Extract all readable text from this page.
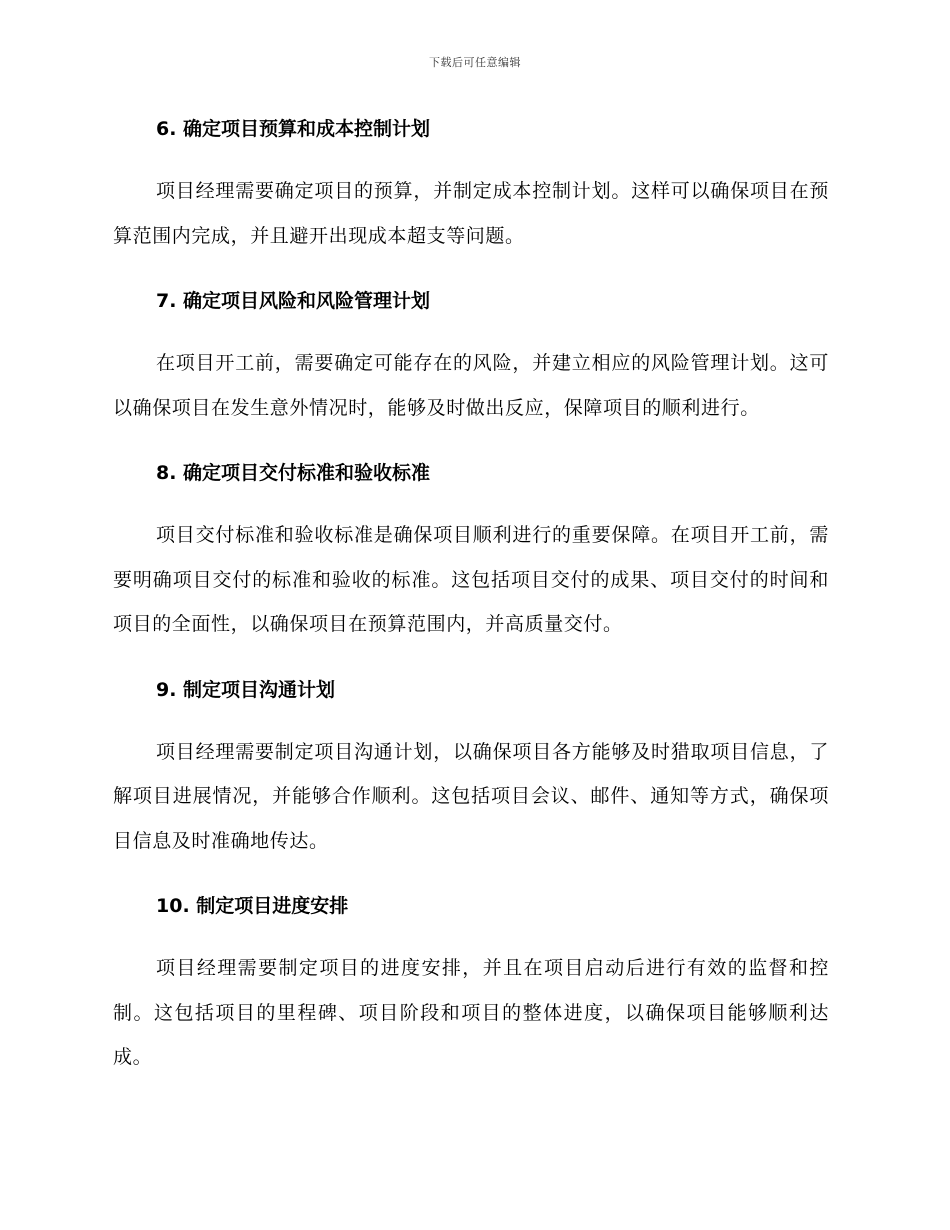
下载后可任意编辑
6. 确定项目预算和成本控制计划

项目经理需要确定项目的预算，并制定成本控制计划。这样可以确保项目在预算范围内完成，并且避开出现成本超支等问题。

7. 确定项目风险和风险管理计划

在项目开工前，需要确定可能存在的风险，并建立相应的风险管理计划。这可以确保项目在发生意外情况时，能够及时做出反应，保障项目的顺利进行。

8. 确定项目交付标准和验收标准

项目交付标准和验收标准是确保项目顺利进行的重要保障。在项目开工前，需要明确项目交付的标准和验收的标准。这包括项目交付的成果、项目交付的时间和项目的全面性，以确保项目在预算范围内，并高质量交付。

9. 制定项目沟通计划

项目经理需要制定项目沟通计划，以确保项目各方能够及时猎取项目信息，了解项目进展情况，并能够合作顺利。这包括项目会议、邮件、通知等方式，确保项目信息及时准确地传达。

10. 制定项目进度安排

项目经理需要制定项目的进度安排，并且在项目启动后进行有效的监督和控制。这包括项目的里程碑、项目阶段和项目的整体进度，以确保项目能够顺利达成。
